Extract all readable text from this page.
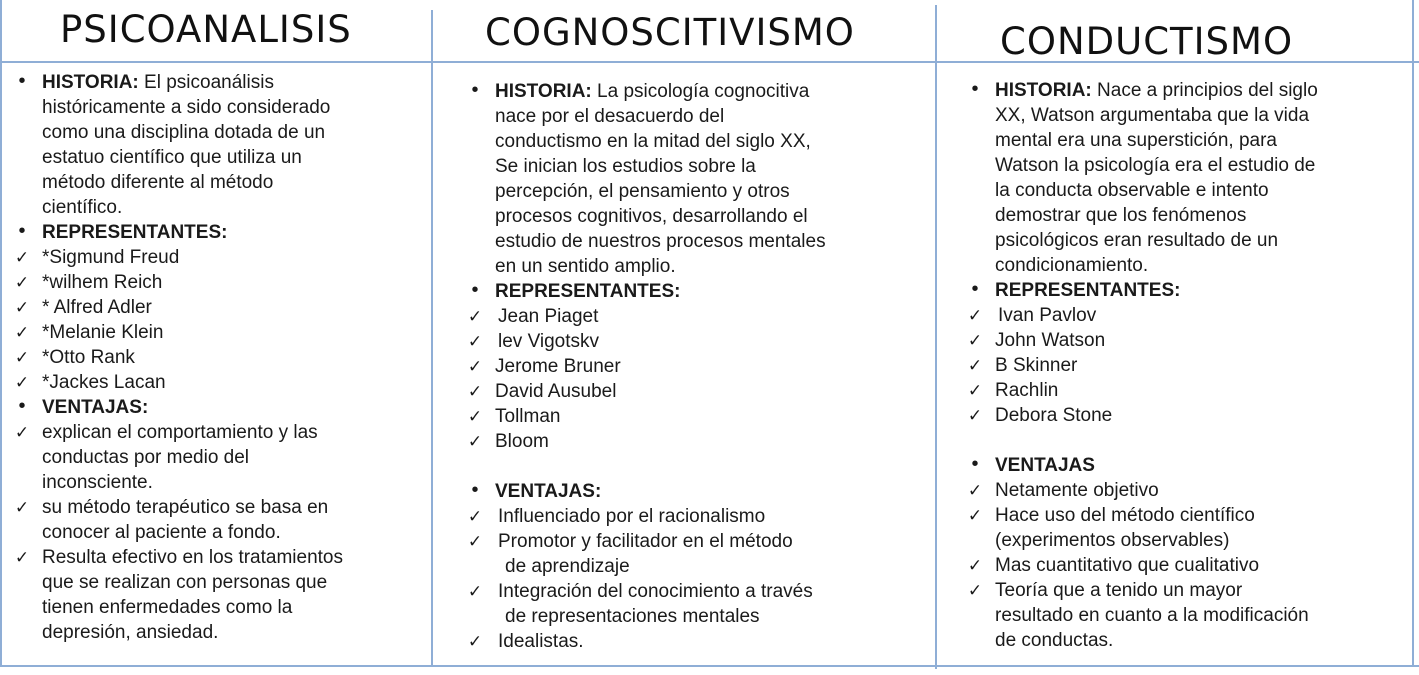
PSICOANALISIS	COGNOSCITIVISMO	CONDUCTISMO
• HISTORIA: El psicoanálisis
históricamente a sido considerado
como una disciplina dotada de un
estatuo científico que utiliza un
método diferente al método
científico.
• REPRESENTANTES:
✓ *Sigmund Freud
✓ *wilhem Reich
✓ * Alfred Adler
✓ *Melanie Klein
✓ *Otto Rank
✓ *Jackes Lacan
• VENTAJAS:
✓ explican el comportamiento y las
conductas por medio del
inconsciente.
✓ su método terapéutico se basa en
conocer al paciente a fondo.
✓ Resulta efectivo en los tratamientos
que se realizan con personas que
tienen enfermedades como la
depresión, ansiedad.
• HISTORIA: La psicología cognocitiva
nace por el desacuerdo del
conductismo en la mitad del siglo XX,
Se inician los estudios sobre la
percepción, el pensamiento y otros
procesos cognitivos, desarrollando el
estudio de nuestros procesos mentales
en un sentido amplio.
• REPRESENTANTES:
✓ Jean Piaget
✓ lev Vigotskv
✓ Jerome Bruner
✓ David Ausubel
✓ Tollman
✓ Bloom
• VENTAJAS:
✓ Influenciado por el racionalismo
✓ Promotor y facilitador en el método
de aprendizaje
✓ Integración del conocimiento a través
de representaciones mentales
✓ Idealistas.
• HISTORIA: Nace a principios del siglo
XX, Watson argumentaba que la vida
mental era una superstición, para
Watson la psicología era el estudio de
la conducta observable e intento
demostrar que los fenómenos
psicológicos eran resultado de un
condicionamiento.
• REPRESENTANTES:
✓ Ivan Pavlov
✓ John Watson
✓ B Skinner
✓ Rachlin
✓ Debora Stone
• VENTAJAS
✓ Netamente objetivo
✓ Hace uso del método científico
(experimentos observables)
✓ Mas cuantitativo que cualitativo
✓ Teoría que a tenido un mayor
resultado en cuanto a la modificación
de conductas.
